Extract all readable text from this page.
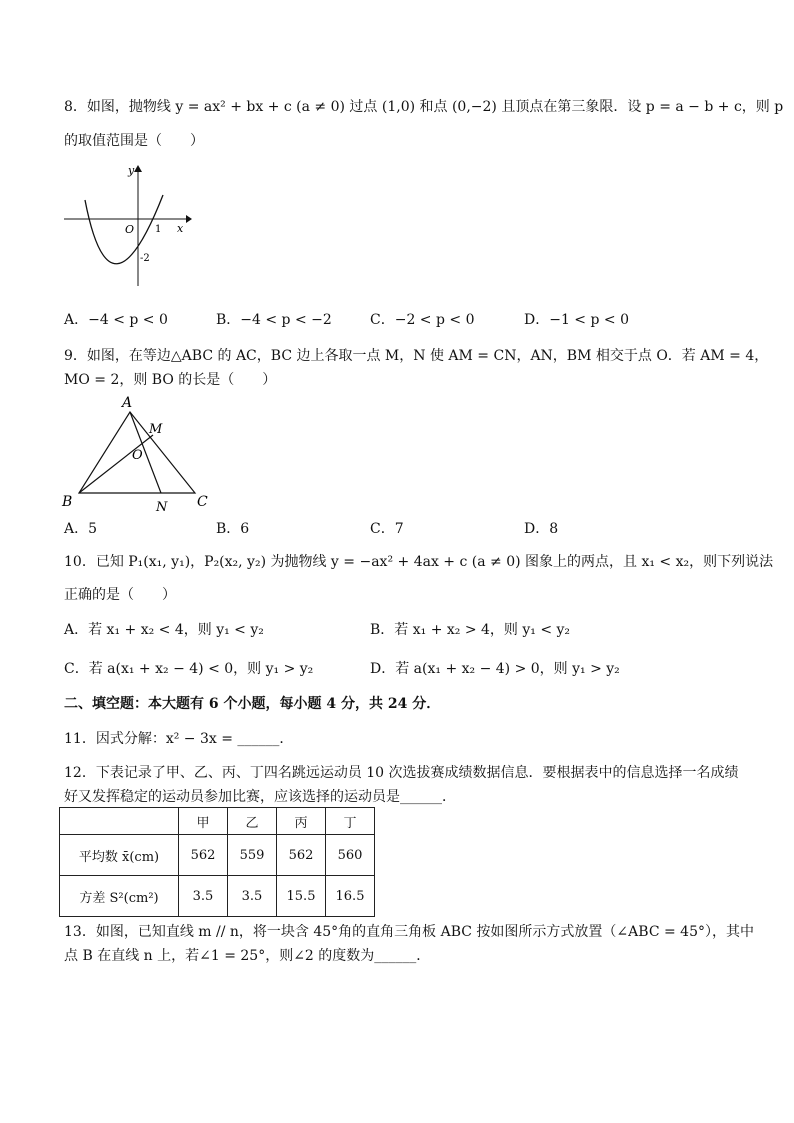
8．如图，抛物线 y = ax² + bx + c (a ≠ 0) 过点 (1,0) 和点 (0,−2) 且顶点在第三象限．设 p = a − b + c，则 p
的取值范围是（　　）
y
x
O 1
-2
A．−4 < p < 0	B．−4 < p < −2	C．−2 < p < 0	D．−1 < p < 0
9．如图，在等边△ABC 的 AC，BC 边上各取一点 M，N 使 AM = CN，AN，BM 相交于点 O．若 AM = 4，
MO = 2，则 BO 的长是（　　）
A
B	C
M
N
O
A．5	B．6	C．7	D．8
10．已知 P₁(x₁, y₁)，P₂(x₂, y₂) 为抛物线 y = −ax² + 4ax + c (a ≠ 0) 图象上的两点，且 x₁ < x₂，则下列说法
正确的是（　　）
A．若 x₁ + x₂ < 4，则 y₁ < y₂	B．若 x₁ + x₂ > 4，则 y₁ < y₂
C．若 a(x₁ + x₂ − 4) < 0，则 y₁ > y₂	D．若 a(x₁ + x₂ − 4) > 0，则 y₁ > y₂
二、填空题：本大题有 6 个小题，每小题 4 分，共 24 分．
11．因式分解：x² − 3x = ______．
12．下表记录了甲、乙、丙、丁四名跳远运动员 10 次选拔赛成绩数据信息．要根据表中的信息选择一名成绩
好又发挥稳定的运动员参加比赛，应该选择的运动员是______．
	甲	乙	丙	丁
平均数 x̄(cm)	562	559	562	560
方差 S²(cm²)	3.5	3.5	15.5	16.5
13．如图，已知直线 m // n，将一块含 45°角的直角三角板 ABC 按如图所示方式放置（∠ABC = 45°），其中
点 B 在直线 n 上，若∠1 = 25°，则∠2 的度数为______．
